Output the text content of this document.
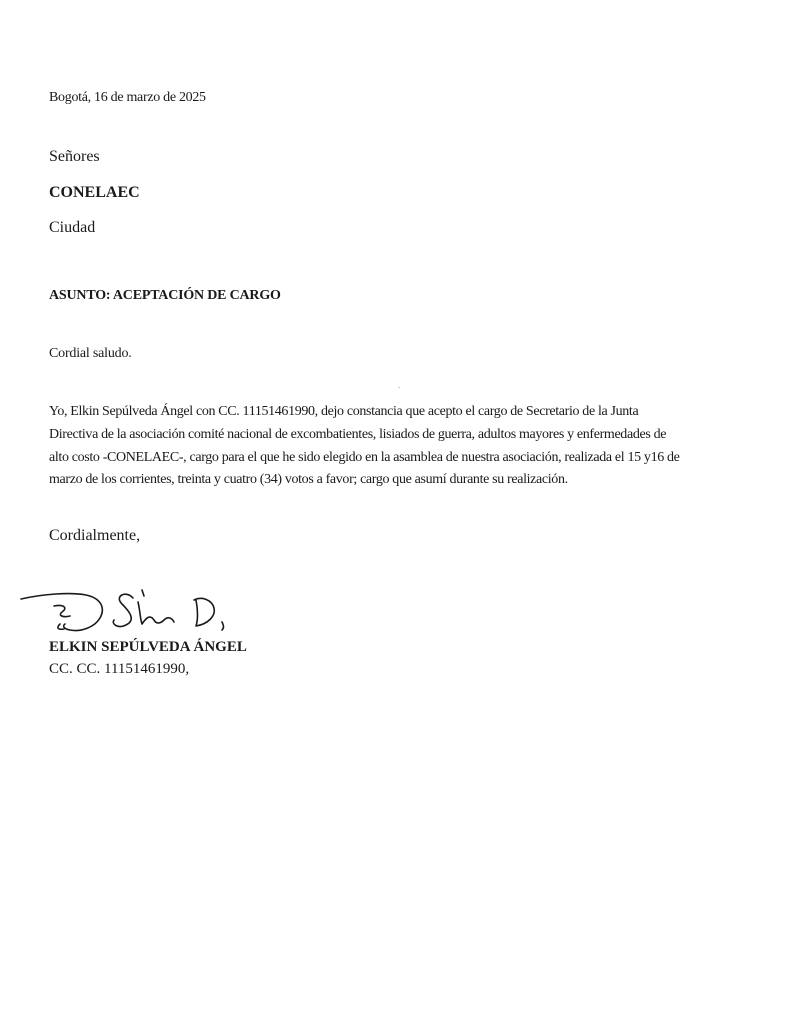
Bogotá, 16 de marzo de 2025
Señores
CONELAEC
Ciudad
ASUNTO: ACEPTACIÓN DE CARGO
Cordial saludo.
Yo, Elkin Sepúlveda Ángel con CC. 11151461990, dejo constancia que acepto el cargo de Secretario de la Junta
Directiva de la asociación comité nacional de excombatientes, lisiados de guerra, adultos mayores y enfermedades de
alto costo -CONELAEC-, cargo para el que he sido elegido en la asamblea de nuestra asociación, realizada el 15 y16 de
marzo de los corrientes, treinta y cuatro (34) votos a favor; cargo que asumí durante su realización.
Cordialmente,
ELKIN SEPÚLVEDA ÁNGEL
CC. CC. 11151461990,
